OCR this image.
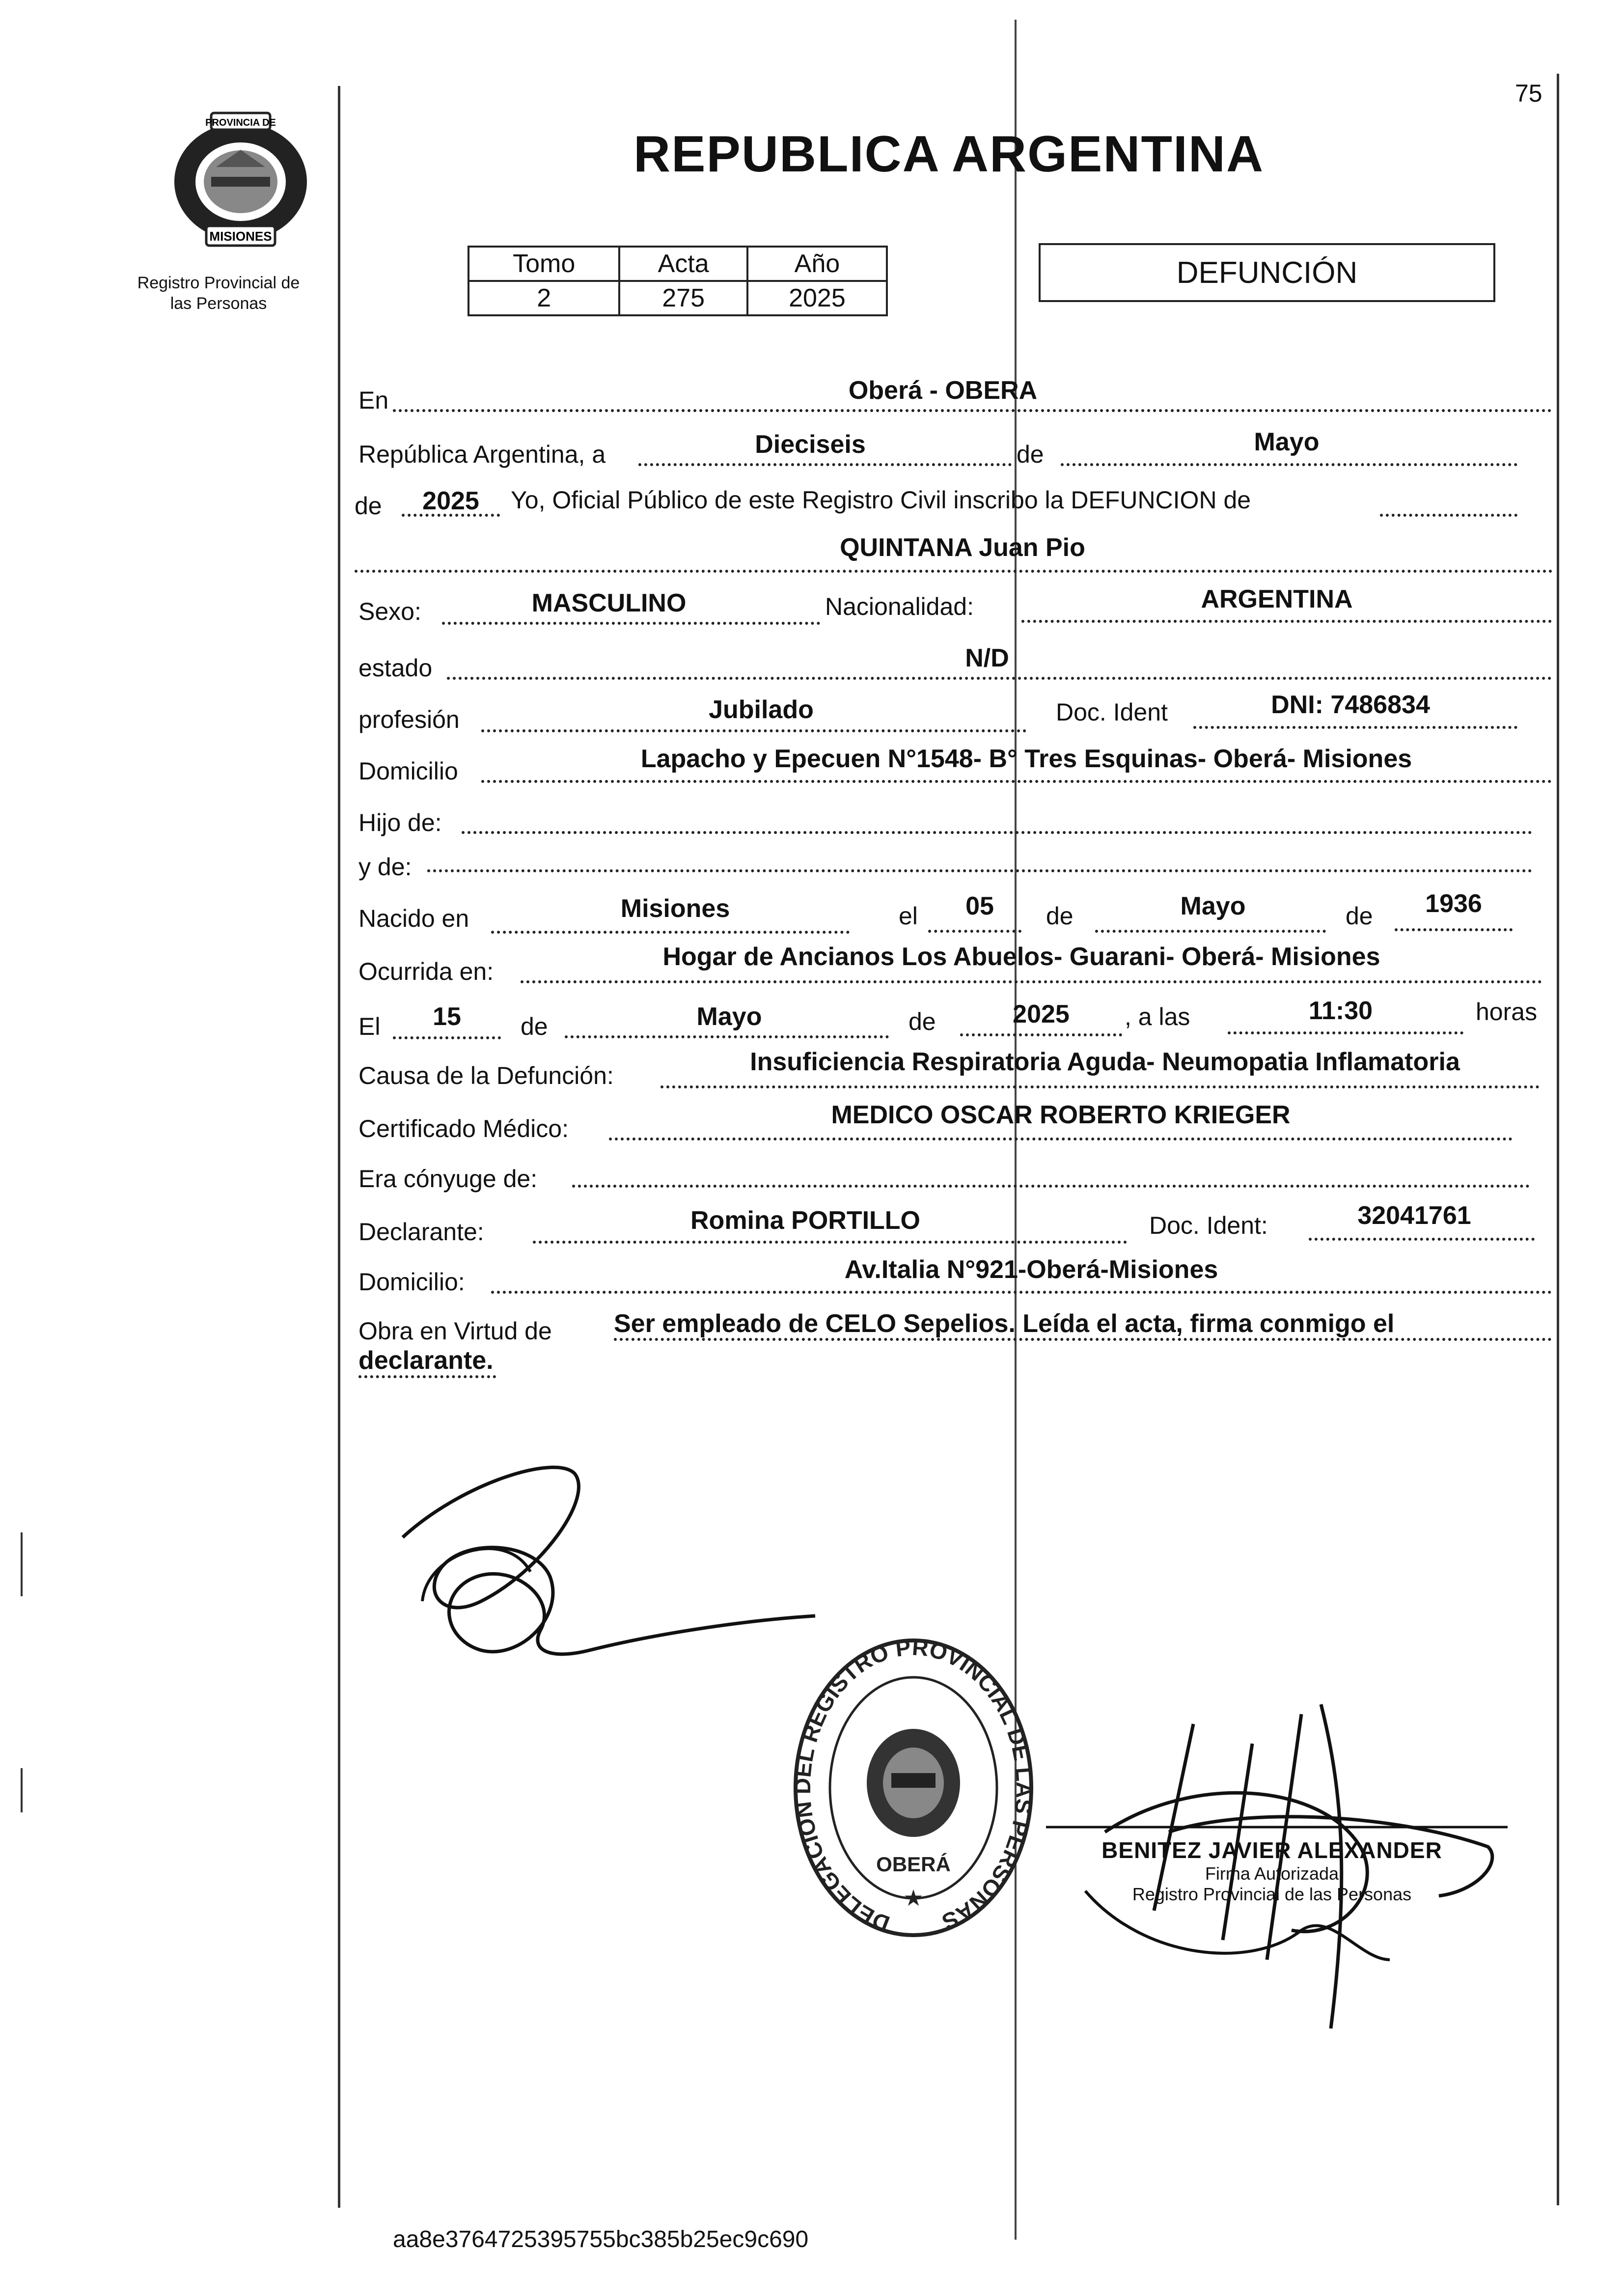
75
PROVINCIA DE
MISIONES
Registro Provincial de
las Personas
REPUBLICA ARGENTINA
Tomo	Acta	Año
2	275	2025
DEFUNCIÓN
En	Oberá - OBERA
República Argentina, a	Dieciseis	de	Mayo
de	2025	Yo, Oficial Público de este Registro Civil inscribo la DEFUNCION de
QUINTANA Juan Pio
Sexo:	MASCULINO	Nacionalidad:	ARGENTINA
estado	N/D
profesión	Jubilado	Doc. Ident	DNI: 7486834
Domicilio	Lapacho y Epecuen N°1548- B° Tres Esquinas- Oberá- Misiones
Hijo de:
y de:
Nacido en	Misiones	el	05	de	Mayo	de	1936
Ocurrida en:
Hogar de Ancianos Los Abuelos- Guarani- Oberá- Misiones
El	15	de	Mayo	de	2025	, a las	11:30	horas
Causa de la Defunción:	Insuficiencia Respiratoria Aguda- Neumopatia Inflamatoria
Certificado Médico:	MEDICO OSCAR ROBERTO KRIEGER
Era cónyuge de:
Declarante:	Romina PORTILLO	Doc. Ident:	32041761
Domicilio:	Av.Italia N°921-Oberá-Misiones
Obra en Virtud de Ser empleado de CELO Sepelios. Leída el acta, firma conmigo el
declarante.
DELEGACION DEL REGISTRO PROVINCIAL DE LAS PERSONAS
OBERÁ
★
BENITEZ JAVIER ALEXANDER
Firma Autorizada
Registro Provincial de las Personas
aa8e3764725395755bc385b25ec9c690
